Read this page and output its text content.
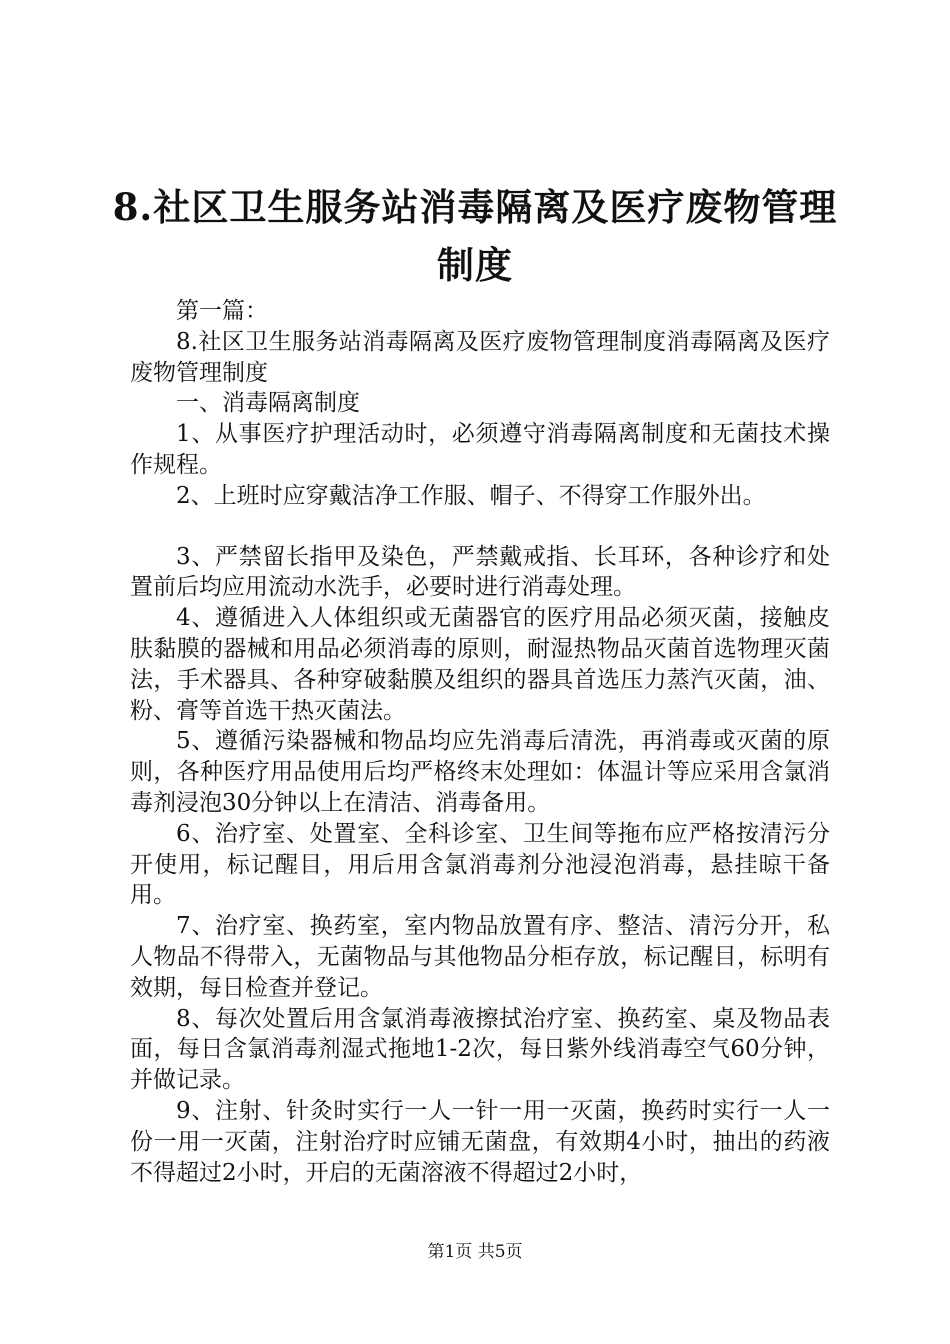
8.社区卫生服务站消毒隔离及医疗废物管理制度

第一篇：

8.社区卫生服务站消毒隔离及医疗废物管理制度消毒隔离及医疗废物管理制度

一、消毒隔离制度

1、从事医疗护理活动时，必须遵守消毒隔离制度和无菌技术操作规程。

2、上班时应穿戴洁净工作服、帽子、不得穿工作服外出。

3、严禁留长指甲及染色，严禁戴戒指、长耳环，各种诊疗和处置前后均应用流动水洗手，必要时进行消毒处理。

4、遵循进入人体组织或无菌器官的医疗用品必须灭菌，接触皮肤黏膜的器械和用品必须消毒的原则，耐湿热物品灭菌首选物理灭菌法，手术器具、各种穿破黏膜及组织的器具首选压力蒸汽灭菌，油、粉、膏等首选干热灭菌法。

5、遵循污染器械和物品均应先消毒后清洗，再消毒或灭菌的原则，各种医疗用品使用后均严格终末处理如：体温计等应采用含氯消毒剂浸泡30分钟以上在清洁、消毒备用。

6、治疗室、处置室、全科诊室、卫生间等拖布应严格按清污分开使用，标记醒目，用后用含氯消毒剂分池浸泡消毒，悬挂晾干备用。

7、治疗室、换药室，室内物品放置有序、整洁、清污分开，私人物品不得带入，无菌物品与其他物品分柜存放，标记醒目，标明有效期，每日检查并登记。

8、每次处置后用含氯消毒液擦拭治疗室、换药室、桌及物品表面，每日含氯消毒剂湿式拖地1-2次，每日紫外线消毒空气60分钟，并做记录。

9、注射、针灸时实行一人一针一用一灭菌，换药时实行一人一份一用一灭菌，注射治疗时应铺无菌盘，有效期4小时，抽出的药液不得超过2小时，开启的无菌溶液不得超过2小时，

第1页 共5页
